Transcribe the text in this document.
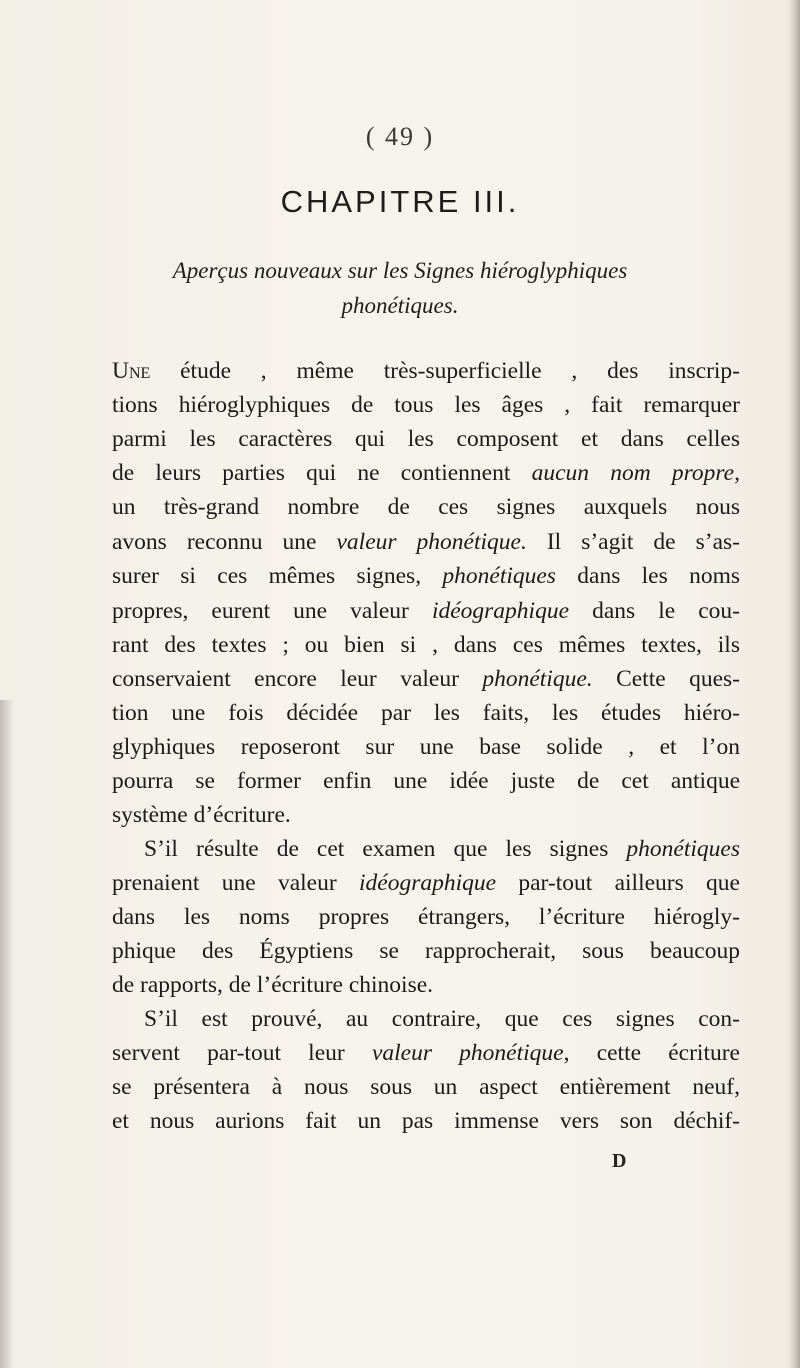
( 49 )
CHAPITRE III.
Aperçus nouveaux sur les Signes hiéroglyphiques
phonétiques.
Une étude , même très-superficielle , des inscrip-
tions hiéroglyphiques de tous les âges , fait remarquer
parmi les caractères qui les composent et dans celles
de leurs parties qui ne contiennent aucun nom propre,
un très-grand nombre de ces signes auxquels nous
avons reconnu une valeur phonétique. Il s’agit de s’as-
surer si ces mêmes signes, phonétiques dans les noms
propres, eurent une valeur idéographique dans le cou-
rant des textes ; ou bien si , dans ces mêmes textes, ils
conservaient encore leur valeur phonétique. Cette ques-
tion une fois décidée par les faits, les études hiéro-
glyphiques reposeront sur une base solide , et l’on
pourra se former enfin une idée juste de cet antique
système d’écriture.
S’il résulte de cet examen que les signes phonétiques
prenaient une valeur idéographique par-tout ailleurs que
dans les noms propres étrangers, l’écriture hiérogly-
phique des Égyptiens se rapprocherait, sous beaucoup
de rapports, de l’écriture chinoise.
S’il est prouvé, au contraire, que ces signes con-
servent par-tout leur valeur phonétique, cette écriture
se présentera à nous sous un aspect entièrement neuf,
et nous aurions fait un pas immense vers son déchif-
D
